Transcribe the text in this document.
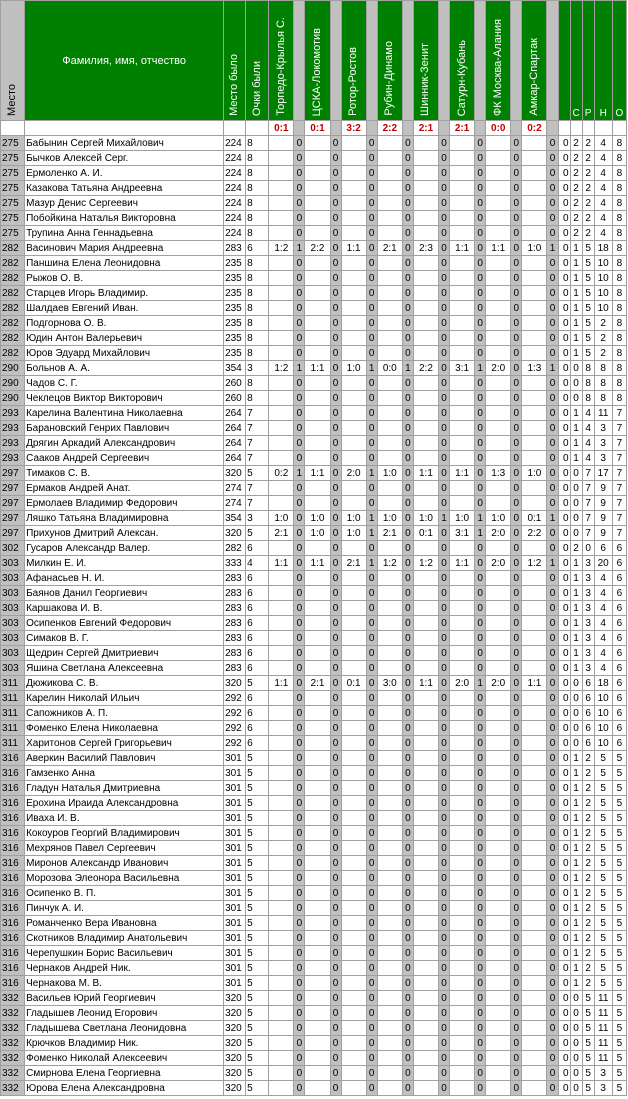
Место	Фамилия, имя, отчество	Место было	Очки были	Торпедо-Крылья С.		ЦСКА-Локомотив		Ротор-Ростов		Рубин-Динамо		Шинник-Зенит		Сатурн-Кубань		ФК Москва-Алания		Амкар-Спартак			С	Р	Н	О
				0:1		0:1		3:2		2:2		2:1		2:1		0:0		0:2						
275	Бабынин Сергей Михайлович	224	8		0		0		0		0		0		0		0		0	0	2	2	4	8
275	Бычков Алексей Серг.	224	8		0		0		0		0		0		0		0		0	0	2	2	4	8
275	Ермоленко А. И.	224	8		0		0		0		0		0		0		0		0	0	2	2	4	8
275	Казакова Татьяна Андреевна	224	8		0		0		0		0		0		0		0		0	0	2	2	4	8
275	Мазур Денис Сергеевич	224	8		0		0		0		0		0		0		0		0	0	2	2	4	8
275	Побойкина Наталья Викторовна	224	8		0		0		0		0		0		0		0		0	0	2	2	4	8
275	Трупина Анна Геннадьевна	224	8		0		0		0		0		0		0		0		0	0	2	2	4	8
282	Васинович Мария Андреевна	283	6	1:2	1	2:2	0	1:1	0	2:1	0	2:3	0	1:1	0	1:1	0	1:0	1	0	1	5	18	8
282	Паншина Елена Леонидовна	235	8		0		0		0		0		0		0		0		0	0	1	5	10	8
282	Рыжов О. В.	235	8		0		0		0		0		0		0		0		0	0	1	5	10	8
282	Старцев Игорь Владимир.	235	8		0		0		0		0		0		0		0		0	0	1	5	10	8
282	Шалдаев Евгений Иван.	235	8		0		0		0		0		0		0		0		0	0	1	5	10	8
282	Подгорнова О. В.	235	8		0		0		0		0		0		0		0		0	0	1	5	2	8
282	Юдин Антон Валерьевич	235	8		0		0		0		0		0		0		0		0	0	1	5	2	8
282	Юров Эдуард Михайлович	235	8		0		0		0		0		0		0		0		0	0	1	5	2	8
290	Больнов А. А.	354	3	1:2	1	1:1	0	1:0	1	0:0	1	2:2	0	3:1	1	2:0	0	1:3	1	0	0	8	8	8
290	Чадов С. Г.	260	8		0		0		0		0		0		0		0		0	0	0	8	8	8
290	Чеклецов Виктор Викторович	260	8		0		0		0		0		0		0		0		0	0	0	8	8	8
293	Карелина Валентина Николаевна	264	7		0		0		0		0		0		0		0		0	0	1	4	11	7
293	Барановский Генрих Павлович	264	7		0		0		0		0		0		0		0		0	0	1	4	3	7
293	Дрягин Аркадий Александрович	264	7		0		0		0		0		0		0		0		0	0	1	4	3	7
293	Сааков Андрей Сергеевич	264	7		0		0		0		0		0		0		0		0	0	1	4	3	7
297	Тимаков С. В.	320	5	0:2	1	1:1	0	2:0	1	1:0	0	1:1	0	1:1	0	1:3	0	1:0	0	0	0	7	17	7
297	Ермаков Андрей Анат.	274	7		0		0		0		0		0		0		0		0	0	0	7	9	7
297	Ермолаев Владимир Федорович	274	7		0		0		0		0		0		0		0		0	0	0	7	9	7
297	Ляшко Татьяна Владимировна	354	3	1:0	0	1:0	0	1:0	1	1:0	0	1:0	1	1:0	1	1:0	0	0:1	1	0	0	7	9	7
297	Прихунов Дмитрий Алексан.	320	5	2:1	0	1:0	0	1:0	1	2:1	0	0:1	0	3:1	1	2:0	0	2:2	0	0	0	7	9	7
302	Гусаров Александр Валер.	282	6		0		0		0		0		0		0		0		0	0	2	0	6	6
303	Милкин Е. И.	333	4	1:1	0	1:1	0	2:1	1	1:2	0	1:2	0	1:1	0	2:0	0	1:2	1	0	1	3	20	6
303	Афанасьев Н. И.	283	6		0		0		0		0		0		0		0		0	0	1	3	4	6
303	Баянов Данил Георгиевич	283	6		0		0		0		0		0		0		0		0	0	1	3	4	6
303	Каршакова И. В.	283	6		0		0		0		0		0		0		0		0	0	1	3	4	6
303	Осипенков Евгений Федорович	283	6		0		0		0		0		0		0		0		0	0	1	3	4	6
303	Симаков В. Г.	283	6		0		0		0		0		0		0		0		0	0	1	3	4	6
303	Щедрин Сергей Дмитриевич	283	6		0		0		0		0		0		0		0		0	0	1	3	4	6
303	Яшина Светлана Алексеевна	283	6		0		0		0		0		0		0		0		0	0	1	3	4	6
311	Дюжикова С. В.	320	5	1:1	0	2:1	0	0:1	0	3:0	0	1:1	0	2:0	1	2:0	0	1:1	0	0	0	6	18	6
311	Карелин Николай Ильич	292	6		0		0		0		0		0		0		0		0	0	0	6	10	6
311	Сапожников А. П.	292	6		0		0		0		0		0		0		0		0	0	0	6	10	6
311	Фоменко Елена Николаевна	292	6		0		0		0		0		0		0		0		0	0	0	6	10	6
311	Харитонов Сергей Григорьевич	292	6		0		0		0		0		0		0		0		0	0	0	6	10	6
316	Аверкин Василий Павлович	301	5		0		0		0		0		0		0		0		0	0	1	2	5	5
316	Гамзенко Анна	301	5		0		0		0		0		0		0		0		0	0	1	2	5	5
316	Гладун Наталья Дмитриевна	301	5		0		0		0		0		0		0		0		0	0	1	2	5	5
316	Ерохина Ираида Александровна	301	5		0		0		0		0		0		0		0		0	0	1	2	5	5
316	Иваха И. В.	301	5		0		0		0		0		0		0		0		0	0	1	2	5	5
316	Кокоуров Георгий Владимирович	301	5		0		0		0		0		0		0		0		0	0	1	2	5	5
316	Мехрянов Павел Сергеевич	301	5		0		0		0		0		0		0		0		0	0	1	2	5	5
316	Миронов Александр Иванович	301	5		0		0		0		0		0		0		0		0	0	1	2	5	5
316	Морозова Элеонора Васильевна	301	5		0		0		0		0		0		0		0		0	0	1	2	5	5
316	Осипенко В. П.	301	5		0		0		0		0		0		0		0		0	0	1	2	5	5
316	Пинчук А. И.	301	5		0		0		0		0		0		0		0		0	0	1	2	5	5
316	Романченко Вера Ивановна	301	5		0		0		0		0		0		0		0		0	0	1	2	5	5
316	Скотников Владимир Анатольевич	301	5		0		0		0		0		0		0		0		0	0	1	2	5	5
316	Черепушкин Борис Васильевич	301	5		0		0		0		0		0		0		0		0	0	1	2	5	5
316	Чернаков Андрей Ник.	301	5		0		0		0		0		0		0		0		0	0	1	2	5	5
316	Чернакова М. В.	301	5		0		0		0		0		0		0		0		0	0	1	2	5	5
332	Васильев Юрий Георгиевич	320	5		0		0		0		0		0		0		0		0	0	0	5	11	5
332	Гладышев Леонид Егорович	320	5		0		0		0		0		0		0		0		0	0	0	5	11	5
332	Гладышева Светлана Леонидовна	320	5		0		0		0		0		0		0		0		0	0	0	5	11	5
332	Крючков Владимир Ник.	320	5		0		0		0		0		0		0		0		0	0	0	5	11	5
332	Фоменко Николай Алексеевич	320	5		0		0		0		0		0		0		0		0	0	0	5	11	5
332	Смирнова Елена Георгиевна	320	5		0		0		0		0		0		0		0		0	0	0	5	3	5
332	Юрова Елена Александровна	320	5		0		0		0		0		0		0		0		0	0	0	5	3	5
